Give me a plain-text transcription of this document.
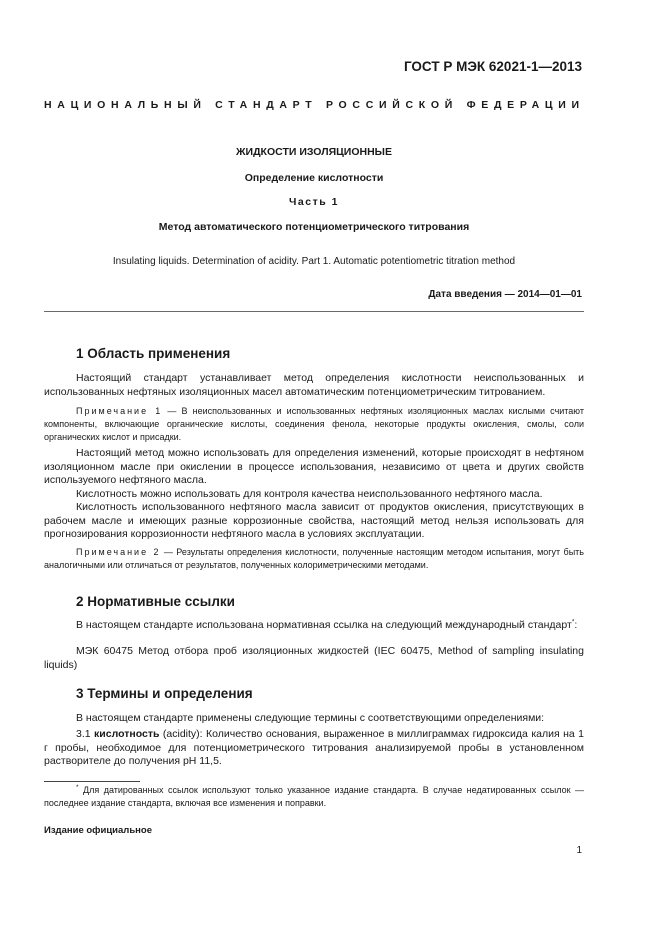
ГОСТ Р МЭК 62021-1—2013
НАЦИОНАЛЬНЫЙ СТАНДАРТ РОССИЙСКОЙ ФЕДЕРАЦИИ
ЖИДКОСТИ ИЗОЛЯЦИОННЫЕ
Определение кислотности
Часть 1
Метод автоматического потенциометрического титрования
Insulating liquids. Determination of acidity. Part 1. Automatic potentiometric titration method
Дата введения — 2014—01—01
1 Область применения
Настоящий стандарт устанавливает метод определения кислотности неиспользованных и использованных нефтяных изоляционных масел автоматическим потенциометрическим титрованием.
Примечание 1 — В неиспользованных и использованных нефтяных изоляционных маслах кислыми считают компоненты, включающие органические кислоты, соединения фенола, некоторые продукты окисления, смолы, соли органических кислот и присадки.
Настоящий метод можно использовать для определения изменений, которые происходят в нефтяном изоляционном масле при окислении в процессе использования, независимо от цвета и других свойств используемого нефтяного масла.
Кислотность можно использовать для контроля качества неиспользованного нефтяного масла.
Кислотность использованного нефтяного масла зависит от продуктов окисления, присутствующих в рабочем масле и имеющих разные коррозионные свойства, настоящий метод нельзя использовать для прогнозирования коррозионности нефтяного масла в условиях эксплуатации.
Примечание 2 — Результаты определения кислотности, полученные настоящим методом испытания, могут быть аналогичными или отличаться от результатов, полученных колориметрическими методами.
2 Нормативные ссылки
В настоящем стандарте использована нормативная ссылка на следующий международный стандарт*:
МЭК 60475 Метод отбора проб изоляционных жидкостей (IEC 60475, Method of sampling insulating liquids)
3 Термины и определения
В настоящем стандарте применены следующие термины с соответствующими определениями:
3.1 кислотность (acidity): Количество основания, выраженное в миллиграммах гидроксида калия на 1 г пробы, необходимое для потенциометрического титрования анализируемой пробы в установленном растворителе до получения pH 11,5.
* Для датированных ссылок используют только указанное издание стандарта. В случае недатированных ссылок — последнее издание стандарта, включая все изменения и поправки.
Издание официальное
1
